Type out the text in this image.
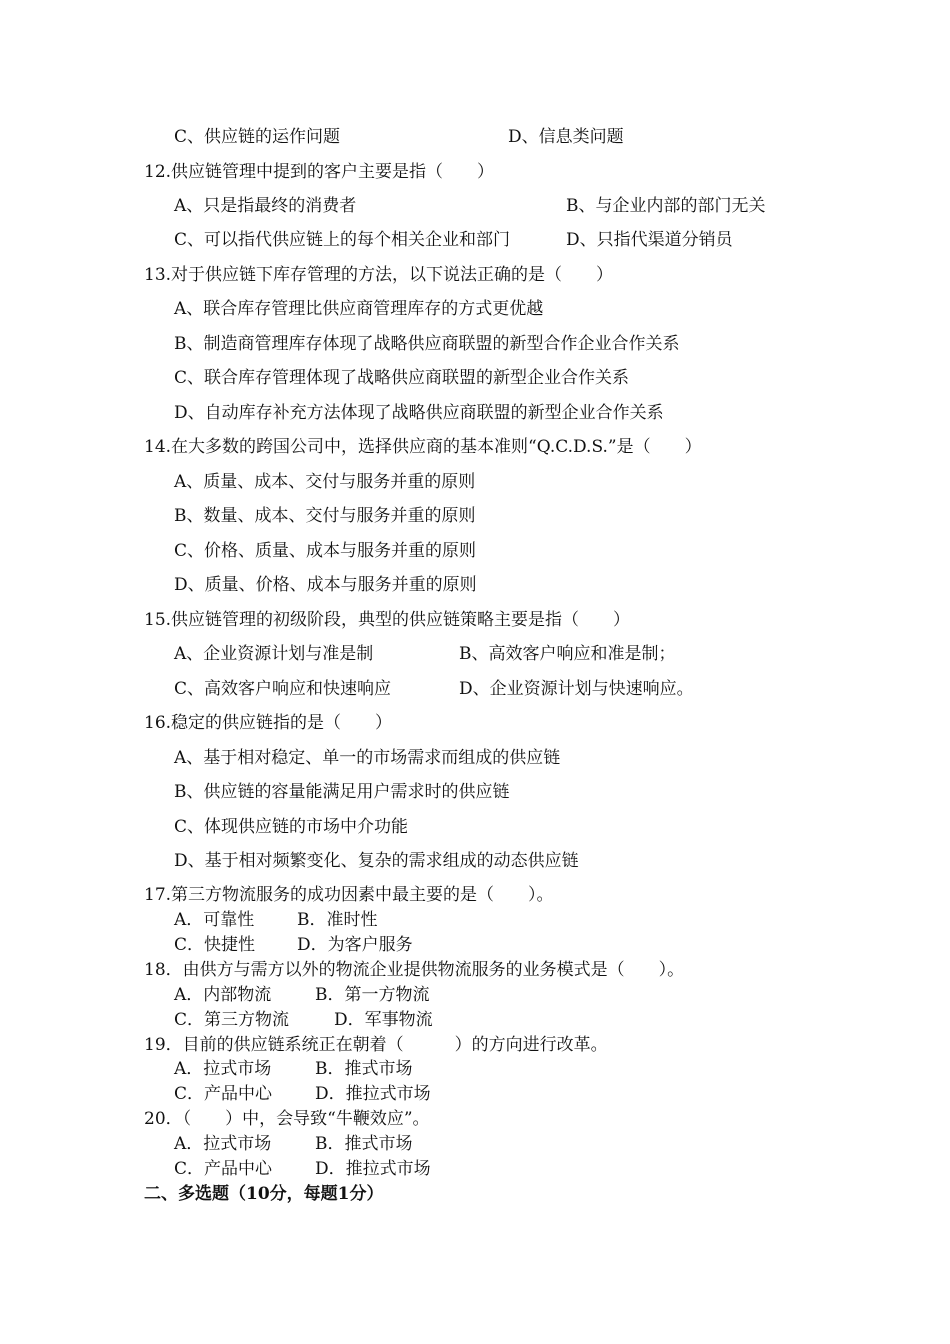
C、供应链的运作问题	D、信息类问题
12.供应链管理中提到的客户主要是指（　　）
A、只是指最终的消费者	B、与企业内部的部门无关
C、可以指代供应链上的每个相关企业和部门	D、只指代渠道分销员
13.对于供应链下库存管理的方法，以下说法正确的是（　　）
A、联合库存管理比供应商管理库存的方式更优越
B、制造商管理库存体现了战略供应商联盟的新型合作企业合作关系
C、联合库存管理体现了战略供应商联盟的新型企业合作关系
D、自动库存补充方法体现了战略供应商联盟的新型企业合作关系
14.在大多数的跨国公司中，选择供应商的基本准则“Q.C.D.S.”是（　　）
A、质量、成本、交付与服务并重的原则
B、数量、成本、交付与服务并重的原则
C、价格、质量、成本与服务并重的原则
D、质量、价格、成本与服务并重的原则
15.供应链管理的初级阶段，典型的供应链策略主要是指（　　）
A、企业资源计划与准是制	B、高效客户响应和准是制；
C、高效客户响应和快速响应	D、企业资源计划与快速响应。
16.稳定的供应链指的是（　　）
A、基于相对稳定、单一的市场需求而组成的供应链
B、供应链的容量能满足用户需求时的供应链
C、体现供应链的市场中介功能
D、基于相对频繁变化、复杂的需求组成的动态供应链
17.第三方物流服务的成功因素中最主要的是（　　）。
A．可靠性	B．准时性
C．快捷性 D．为客户服务
18．由供方与需方以外的物流企业提供物流服务的业务模式是（　　）。
A．内部物流	B．第一方物流
C．第三方物流	D．军事物流
19．目前的供应链系统正在朝着（　　　）的方向进行改革。
A．拉式市场	B．推式市场
C．产品中心	D．推拉式市场
20．（　　）中，会导致“牛鞭效应”。
A．拉式市场	B．推式市场
C．产品中心	D．推拉式市场
二、多选题（10分，每题1分）
